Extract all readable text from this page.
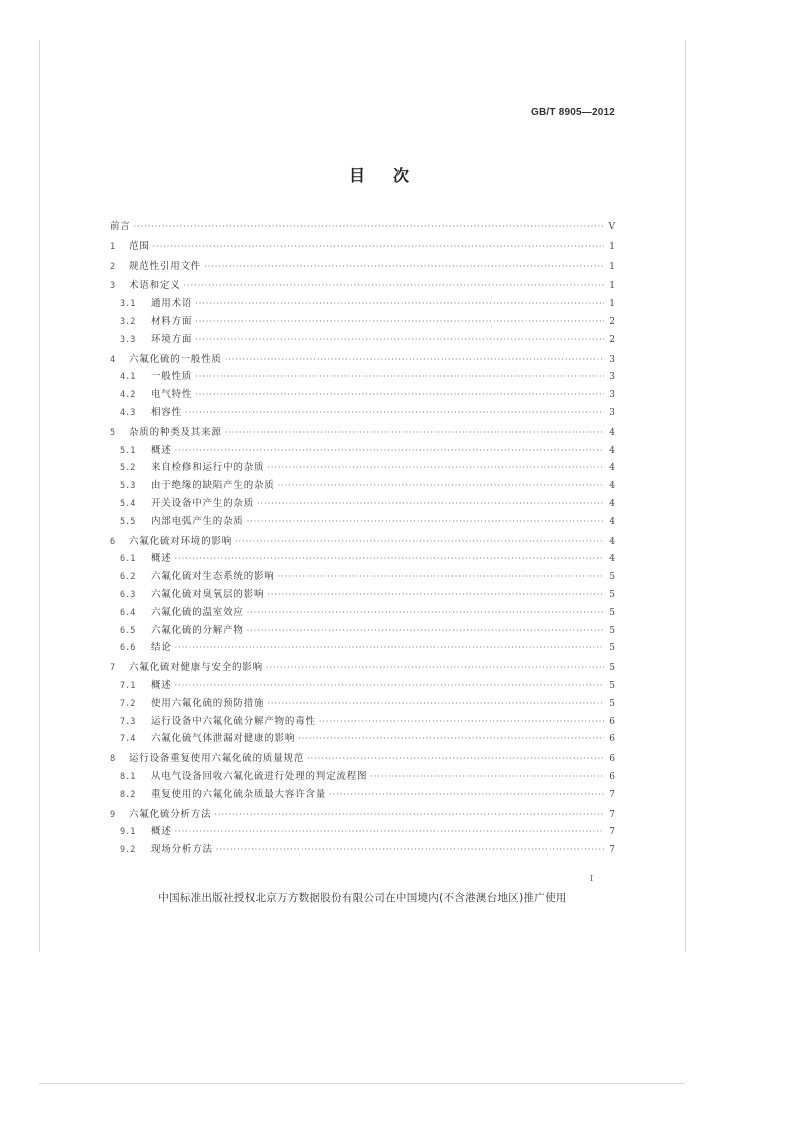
GB/T 8905—2012
目次
前言 ·····	V
1	范围 ·····	1
2	规范性引用文件 ·····	1
3	术语和定义 ·····	1
3.1	通用术语 ·····	1
3.2	材料方面 ·····	2
3.3	环境方面 ·····	2
4	六氟化硫的一般性质 ·····	3
4.1	一般性质 ·····	3
4.2	电气特性 ·····	3
4.3	相容性 ·····	3
5	杂质的种类及其来源 ·····	4
5.1	概述 ·····	4
5.2	来自检修和运行中的杂质 ·····	4
5.3	由于绝缘的缺陷产生的杂质 ·····	4
5.4	开关设备中产生的杂质 ·····	4
5.5	内部电弧产生的杂质 ·····	4
6	六氟化硫对环境的影响 ·····	4
6.1	概述 ·····	4
6.2	六氟化硫对生态系统的影响 ·····	5
6.3	六氟化硫对臭氧层的影响 ·····	5
6.4	六氟化硫的温室效应 ·····	5
6.5	六氟化硫的分解产物 ·····	5
6.6	结论 ·····	5
7	六氟化硫对健康与安全的影响 ·····	5
7.1	概述 ·····	5
7.2	使用六氟化硫的预防措施 ·····	5
7.3	运行设备中六氟化硫分解产物的毒性 ·····	6
7.4	六氟化硫气体泄漏对健康的影响 ·····	6
8	运行设备重复使用六氟化硫的质量规范 ·····	6
8.1	从电气设备回收六氟化硫进行处理的判定流程图 ·····	6
8.2	重复使用的六氟化硫杂质最大容许含量 ·····	7
9	六氟化硫分析方法 ·····	7
9.1	概述 ·····	7
9.2	现场分析方法 ·····	7
I
中国标准出版社授权北京万方数据股份有限公司在中国境内(不含港澳台地区)推广使用
